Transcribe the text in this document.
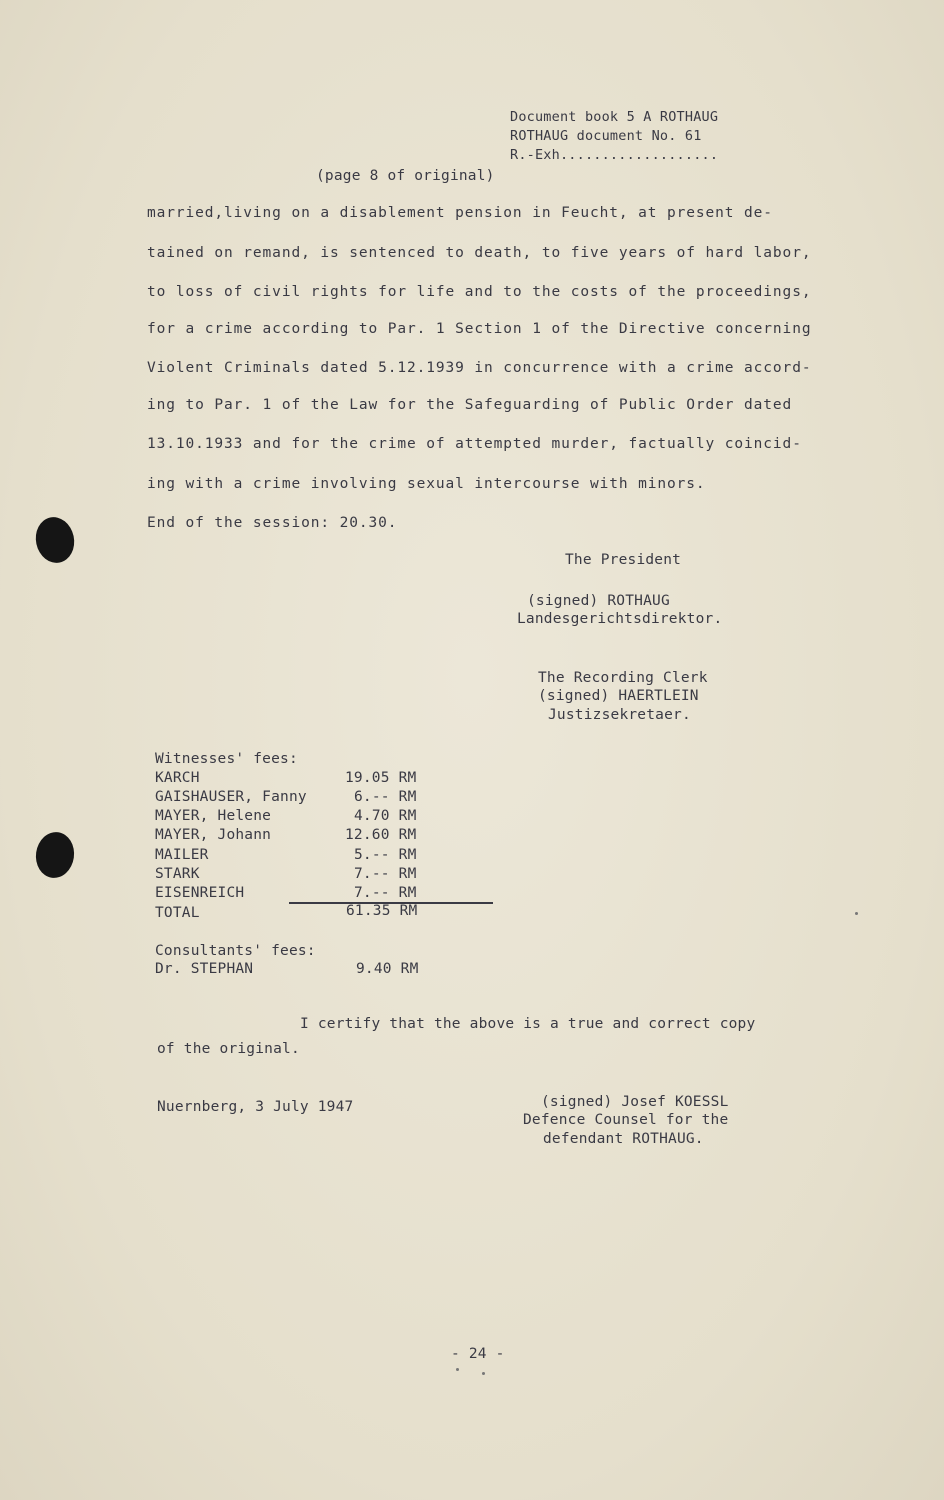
Document book 5 A ROTHAUG
ROTHAUG document No. 61
R.-Exh...................
(page 8 of original)
married,living on a disablement pension in Feucht, at present de-
tained on remand, is sentenced to death, to five years of hard labor,
to loss of civil rights for life and to the costs of the proceedings,
for a crime according to Par. 1 Section 1 of the Directive concerning
Violent Criminals dated 5.12.1939 in concurrence with a crime accord-
ing to Par. 1 of the Law for the Safeguarding of Public Order dated
13.10.1933 and for the crime of attempted murder, factually coincid-
ing with a crime involving sexual intercourse with minors.
End of the session: 20.30.
The President
(signed) ROTHAUG
Landesgerichtsdirektor.
The Recording Clerk
(signed) HAERTLEIN
Justizsekretaer.
Witnesses' fees:
KARCH	19.05 RM
GAISHAUSER, Fanny	6.-- RM
MAYER, Helene	4.70 RM
MAYER, Johann	12.60 RM
MAILER	5.-- RM
STARK	7.-- RM
EISENREICH	7.-- RM
TOTAL	61.35 RM
Consultants' fees:
Dr. STEPHAN	9.40 RM
I certify that the above is a true and correct copy
of the original.
Nuernberg, 3 July 1947	(signed) Josef KOESSL
Defence Counsel for the
defendant ROTHAUG.
- 24 -
